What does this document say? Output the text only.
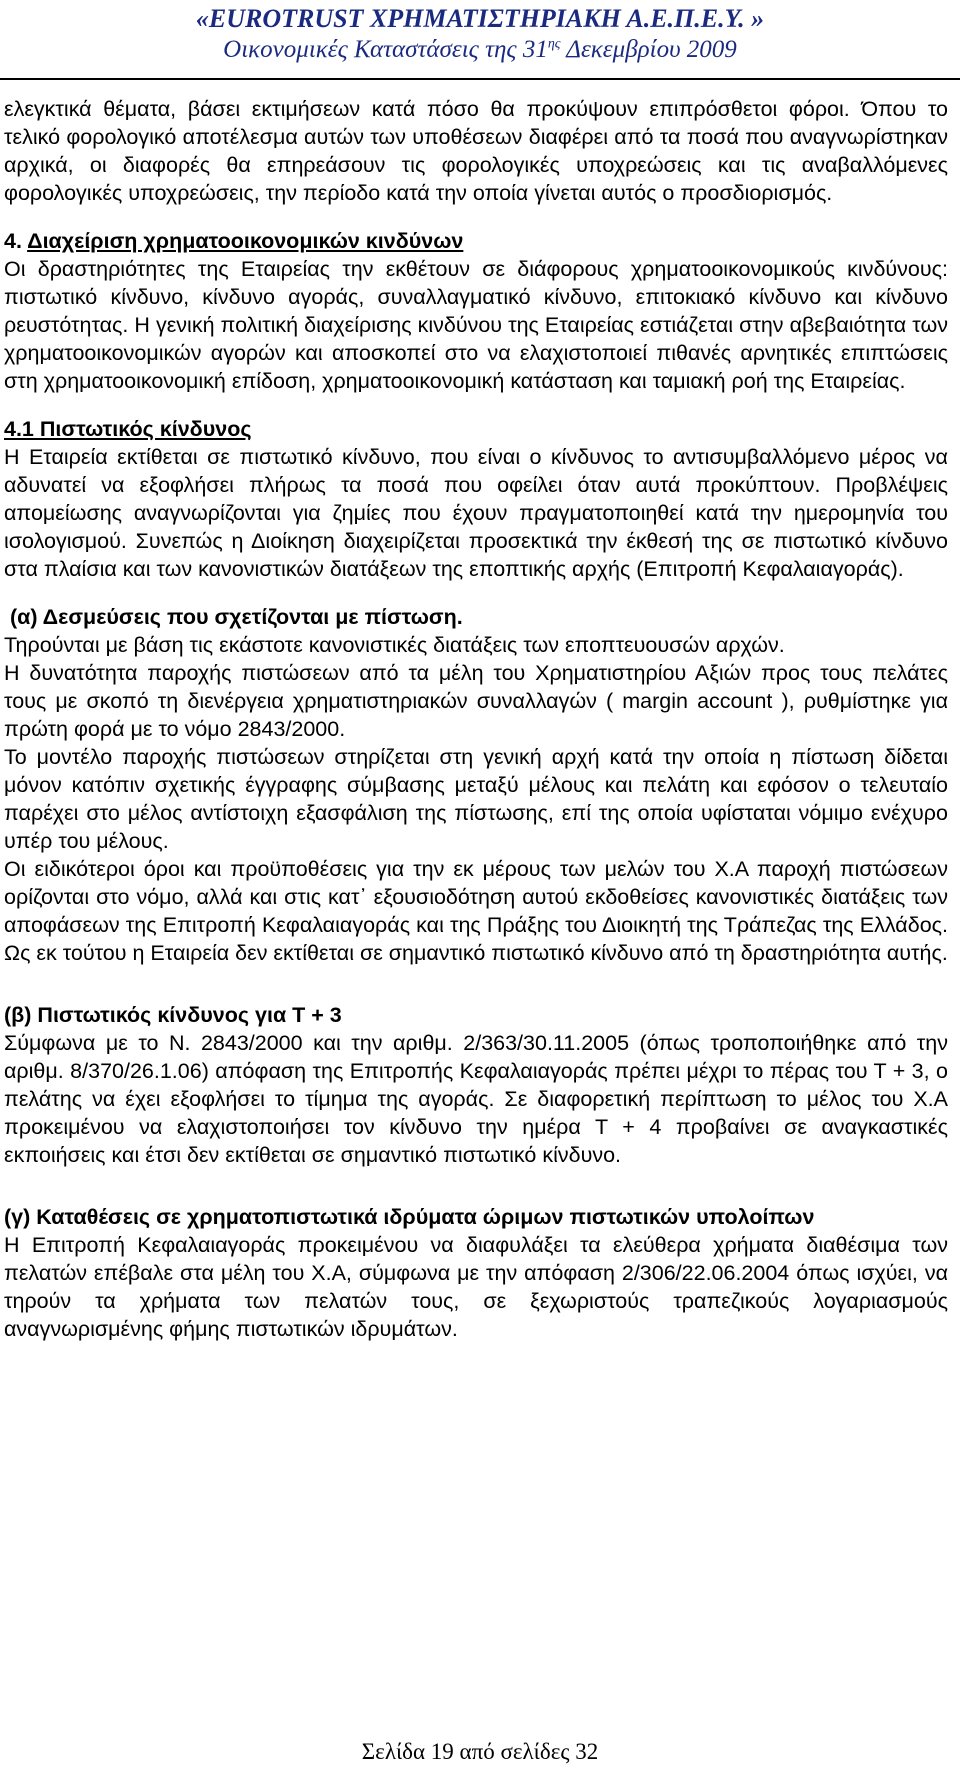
«EUROTRUST ΧΡΗΜΑΤΙΣΤΗΡΙΑΚΗ Α.Ε.Π.Ε.Υ. »
Οικονομικές Καταστάσεις της $31^{\eta\varsigma}$ Δεκεμβρίου 2009

ελεγκτικά θέματα, βάσει εκτιμήσεων κατά πόσο θα προκύψουν επιπρόσθετοι φόροι. Όπου το τελικό φορολογικό αποτέλεσμα αυτών των υποθέσεων διαφέρει από τα ποσά που αναγνωρίστηκαν αρχικά, οι διαφορές θα επηρεάσουν τις φορολογικές υποχρεώσεις και τις αναβαλλόμενες φορολογικές υποχρεώσεις, την περίοδο κατά την οποία γίνεται αυτός ο προσδιορισμός.

4. Διαχείριση χρηματοοικονομικών κινδύνων

Οι δραστηριότητες της Εταιρείας την εκθέτουν σε διάφορους χρηματοοικονομικούς κινδύνους: πιστωτικό κίνδυνο, κίνδυνο αγοράς, συναλλαγματικό κίνδυνο, επιτοκιακό κίνδυνο και κίνδυνο ρευστότητας. Η γενική πολιτική διαχείρισης κινδύνου της Εταιρείας εστιάζεται στην αβεβαιότητα των χρηματοοικονομικών αγορών και αποσκοπεί στο να ελαχιστοποιεί πιθανές αρνητικές επιπτώσεις στη χρηματοοικονομική επίδοση, χρηματοοικονομική κατάσταση και ταμιακή ροή της Εταιρείας.

4.1 Πιστωτικός κίνδυνος

Η Εταιρεία εκτίθεται σε πιστωτικό κίνδυνο, που είναι ο κίνδυνος το αντισυμβαλλόμενο μέρος να αδυνατεί να εξοφλήσει πλήρως τα ποσά που οφείλει όταν αυτά προκύπτουν. Προβλέψεις απομείωσης αναγνωρίζονται για ζημίες που έχουν πραγματοποιηθεί κατά την ημερομηνία του ισολογισμού. Συνεπώς η Διοίκηση διαχειρίζεται προσεκτικά την έκθεσή της σε πιστωτικό κίνδυνο στα πλαίσια και των κανονιστικών διατάξεων της εποπτικής αρχής (Επιτροπή Κεφαλαιαγοράς).

(α) Δεσμεύσεις που σχετίζονται με πίστωση.

Τηρούνται με βάση τις εκάστοτε κανονιστικές διατάξεις των εποπτευουσών αρχών.

Η δυνατότητα παροχής πιστώσεων από τα μέλη του Χρηματιστηρίου Αξιών προς τους πελάτες τους με σκοπό τη διενέργεια χρηματιστηριακών συναλλαγών ( margin account ), ρυθμίστηκε για πρώτη φορά με το νόμο 2843/2000.

Το μοντέλο παροχής πιστώσεων στηρίζεται στη γενική αρχή κατά την οποία η πίστωση δίδεται μόνον κατόπιν σχετικής έγγραφης σύμβασης μεταξύ μέλους και πελάτη και εφόσον ο τελευταίο παρέχει στο μέλος αντίστοιχη εξασφάλιση της πίστωσης, επί της οποία υφίσταται νόμιμο ενέχυρο υπέρ του μέλους.

Οι ειδικότεροι όροι και προϋποθέσεις για την εκ μέρους των μελών του Χ.Α παροχή πιστώσεων ορίζονται στο νόμο, αλλά και στις κατ᾽ εξουσιοδότηση αυτού εκδοθείσες κανονιστικές διατάξεις των αποφάσεων της Επιτροπή Κεφαλαιαγοράς και της Πράξης του Διοικητή της Τράπεζας της Ελλάδος. Ως εκ τούτου η Εταιρεία δεν εκτίθεται σε σημαντικό πιστωτικό κίνδυνο από τη δραστηριότητα αυτής.

(β) Πιστωτικός κίνδυνος για Τ + 3

Σύμφωνα με το Ν. 2843/2000 και την αριθμ. 2/363/30.11.2005 (όπως τροποποιήθηκε από την αριθμ. 8/370/26.1.06) απόφαση της Επιτροπής Κεφαλαιαγοράς πρέπει μέχρι το πέρας του Τ + 3, ο πελάτης να έχει εξοφλήσει το τίμημα της αγοράς. Σε διαφορετική περίπτωση το μέλος του Χ.Α προκειμένου να ελαχιστοποιήσει τον κίνδυνο την ημέρα Τ + 4 προβαίνει σε αναγκαστικές εκποιήσεις και έτσι δεν εκτίθεται σε σημαντικό πιστωτικό κίνδυνο.

(γ) Καταθέσεις σε χρηματοπιστωτικά ιδρύματα ώριμων πιστωτικών υπολοίπων

Η Επιτροπή Κεφαλαιαγοράς προκειμένου να διαφυλάξει τα ελεύθερα χρήματα διαθέσιμα των πελατών επέβαλε στα μέλη του Χ.Α, σύμφωνα με την απόφαση 2/306/22.06.2004 όπως ισχύει, να τηρούν τα χρήματα των πελατών τους, σε ξεχωριστούς τραπεζικούς λογαριασμούς αναγνωρισμένης φήμης πιστωτικών ιδρυμάτων.

Σελίδα 19 από σελίδες 32
